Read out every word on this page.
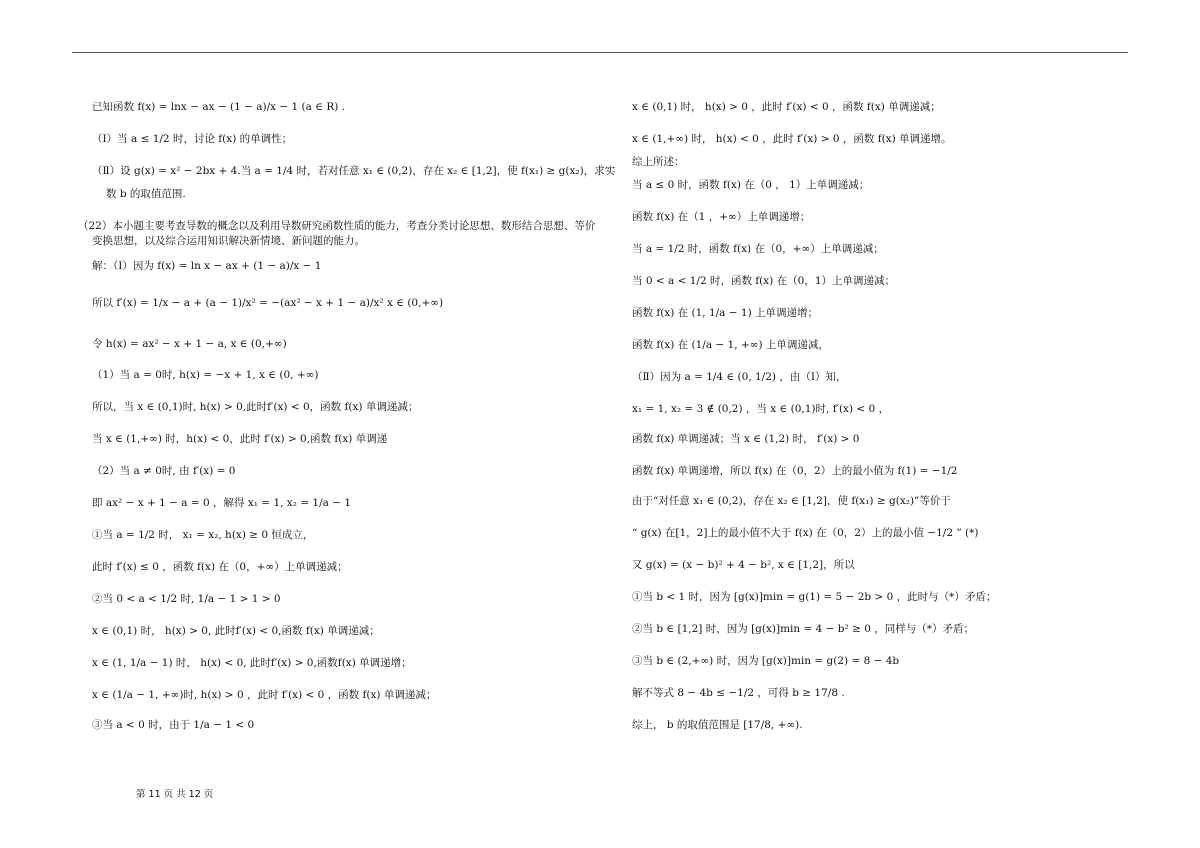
已知函数 f(x) = lnx − ax − (1 − a)/x − 1 (a ∈ R) .
（Ⅰ）当 a ≤ 1/2 时，讨论 f(x) 的单调性；
（Ⅱ）设 g(x) = x² − 2bx + 4.当 a = 1/4 时，若对任意 x₁ ∈ (0,2)，存在 x₂ ∈ [1,2]，使 f(x₁) ≥ g(x₂)，求实
数 b 的取值范围.
（22）本小题主要考查导数的概念以及利用导数研究函数性质的能力，考查分类讨论思想、数形结合思想、等价
变换思想，以及综合运用知识解决新情境、新问题的能力。
解：（Ⅰ）因为 f(x) = ln x − ax + (1 − a)/x − 1
所以 f′(x) = 1/x − a + (a − 1)/x² = −(ax² − x + 1 − a)/x² x ∈ (0,+∞)
令 h(x) = ax² − x + 1 − a, x ∈ (0,+∞)
（1）当 a = 0时, h(x) = −x + 1, x ∈ (0, +∞)
所以，当 x ∈ (0,1)时, h(x) > 0,此时f′(x) < 0，函数 f(x) 单调递减；
当 x ∈ (1,+∞) 时，h(x) < 0，此时 f′(x) > 0,函数 f(x) 单调递
（2）当 a ≠ 0时, 由 f′(x) = 0
即 ax² − x + 1 − a = 0 ，解得 x₁ = 1, x₂ = 1/a − 1
①当 a = 1/2 时， x₁ = x₂, h(x) ≥ 0 恒成立，
此时 f′(x) ≤ 0 ，函数 f(x) 在（0，+∞）上单调递减；
②当 0 < a < 1/2 时, 1/a − 1 > 1 > 0
x ∈ (0,1) 时， h(x) > 0, 此时f′(x) < 0,函数 f(x) 单调递减；
x ∈ (1, 1/a − 1) 时， h(x) < 0, 此时f′(x) > 0,函数f(x) 单调递增；
x ∈ (1/a − 1, +∞)时, h(x) > 0 ，此时 f′(x) < 0 ，函数 f(x) 单调递减；
③当 a < 0 时，由于 1/a − 1 < 0
x ∈ (0,1) 时， h(x) > 0 ，此时 f′(x) < 0 ，函数 f(x) 单调递减；
x ∈ (1,+∞) 时， h(x) < 0 ，此时 f′(x) > 0 ，函数 f(x) 单调递增。
综上所述：
当 a ≤ 0 时，函数 f(x) 在（0 ， 1）上单调递减；
函数 f(x) 在（1 ，+∞）上单调递增；
当 a = 1/2 时，函数 f(x) 在（0，+∞）上单调递减；
当 0 < a < 1/2 时，函数 f(x) 在（0，1）上单调递减；
函数 f(x) 在 (1, 1/a − 1) 上单调递增；
函数 f(x) 在 (1/a − 1, +∞) 上单调递减，
（Ⅱ）因为 a = 1/4 ∈ (0, 1/2) ，由（Ⅰ）知，
x₁ = 1, x₂ = 3 ∉ (0,2) ，当 x ∈ (0,1)时, f′(x) < 0 ，
函数 f(x) 单调递减；当 x ∈ (1,2) 时， f′(x) > 0
函数 f(x) 单调递增，所以 f(x) 在（0，2）上的最小值为 f(1) = −1/2
由于“对任意 x₁ ∈ (0,2)，存在 x₂ ∈ [1,2]，使 f(x₁) ≥ g(x₂)”等价于
“ g(x) 在[1，2]上的最小值不大于 f(x) 在（0，2）上的最小值 −1/2 ” (*)
又 g(x) = (x − b)² + 4 − b², x ∈ [1,2]，所以
①当 b < 1 时，因为 [g(x)]min = g(1) = 5 − 2b > 0 ，此时与（*）矛盾；
②当 b ∈ [1,2] 时，因为 [g(x)]min = 4 − b² ≥ 0 ，同样与（*）矛盾；
③当 b ∈ (2,+∞) 时，因为 [g(x)]min = g(2) = 8 − 4b
解不等式 8 − 4b ≤ −1/2 ，可得 b ≥ 17/8 .
综上， b 的取值范围是 [17/8, +∞).
第 11 页 共 12 页
